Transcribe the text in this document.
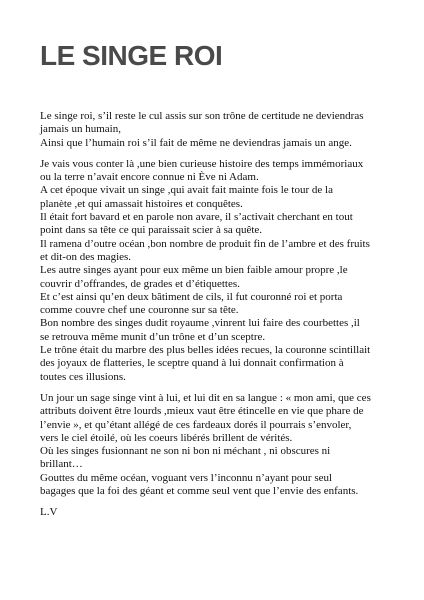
LE SINGE ROI

Le singe roi, s’il reste le cul assis sur son trône de certitude ne deviendras
jamais un humain,
Ainsi que l’humain roi s’il fait de même ne deviendras jamais un ange.

Je vais vous conter là ,une bien curieuse histoire des temps immémoriaux
ou la terre n’avait encore connue ni Ève ni Adam.
A cet époque vivait un singe ,qui avait fait mainte fois le tour de la
planète ,et qui amassait histoires et conquêtes.
Il était fort bavard et en parole non avare, il s’activait cherchant en tout
point dans sa tête ce qui paraissait scier à sa quête.
Il ramena d’outre océan ,bon nombre de produit fin de l’ambre et des fruits
et dit-on des magies.
Les autre singes ayant pour eux même un bien faible amour propre ,le
couvrir d’offrandes, de grades et d’étiquettes.
Et c’est ainsi qu’en deux bâtiment de cils, il fut couronné roi et porta
comme couvre chef une couronne sur sa tête.
Bon nombre des singes dudit royaume ,vinrent lui faire des courbettes ,il
se retrouva même munit d’un trône et d’un sceptre.
Le trône était du marbre des plus belles idées recues, la couronne scintillait
des joyaux de flatteries, le sceptre quand à lui donnait confirmation à
toutes ces illusions.

Un jour un sage singe vint à lui, et lui dit en sa langue : « mon ami, que ces
attributs doivent être lourds ,mieux vaut être étincelle en vie que phare de
l’envie », et qu’étant allégé de ces fardeaux dorés il pourrais s’envoler,
vers le ciel étoilé, où les coeurs libérés brillent de vérités.
Où les singes fusionnant ne son ni bon ni méchant , ni obscures ni
brillant…
Gouttes du même océan, voguant vers l’inconnu n’ayant pour seul
bagages que la foi des géant et comme seul vent que l’envie des enfants.

L.V
